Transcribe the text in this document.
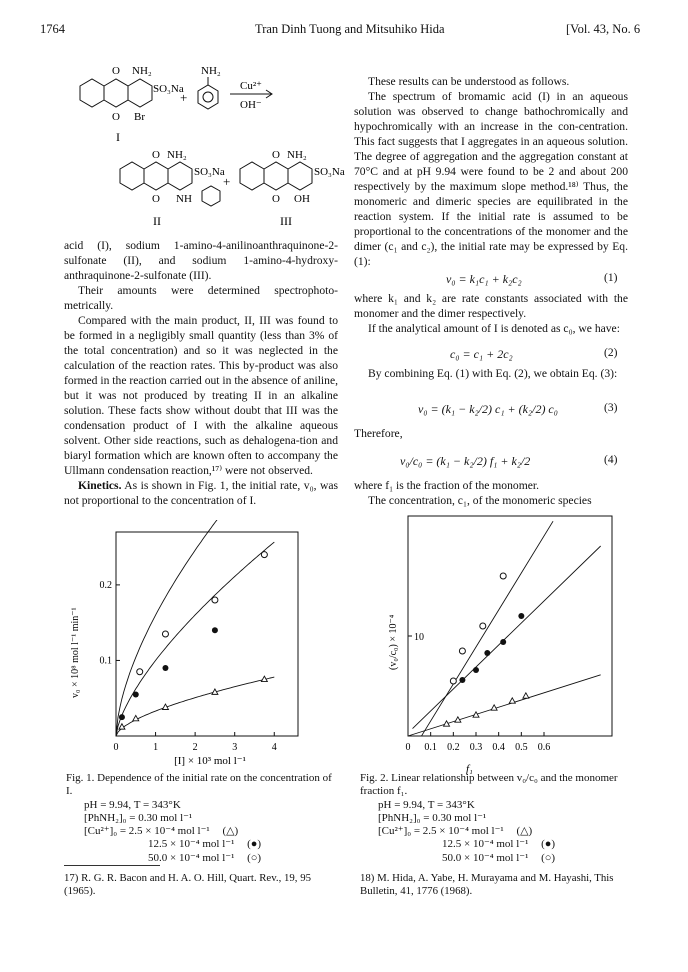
1764	Tran Dinh Tuong and Mitsuhiko Hida	[Vol. 43, No. 6
O
O
NH₂
SO₃Na
Br
+
NH₂
Cu²⁺
OH⁻
I
O NH₂
SO₃Na
O NH
+
O NH₂
SO₃Na
O OH
II	III

acid (I), sodium 1-amino-4-anilinoanthraquinone-2-sulfonate (II), and sodium 1-amino-4-hydroxy-anthraquinone-2-sulfonate (III).

Their amounts were determined spectrophoto-metrically.

Compared with the main product, II, III was found to be formed in a negligibly small quantity (less than 3% of the total concentration) and so it was neglected in the calculation of the reaction rates. This by-product was also formed in the reaction carried out in the absence of aniline, but it was not produced by treating II in an alkaline solution. These facts show without doubt that III was the condensation product of I with the alkaline aqueous solvent. Other side reactions, such as dehalogena-tion and biaryl formation which are known often to accompany the Ullmann condensation reaction,¹⁷⁾ were not observed.

Kinetics. As is shown in Fig. 1, the initial rate, v₀, was not proportional to the concentration of I.

These results can be understood as follows.

The spectrum of bromamic acid (I) in an aqueous solution was observed to change bathochromically and hypochromically with an increase in the con-centration. This fact suggests that I aggregates in an aqueous solution. The degree of aggregation and the aggregation constant at 70°C and at pH 9.94 were found to be 2 and about 200 respectively by the maximum slope method.¹⁸⁾ Thus, the monomeric and dimeric species are equilibrated in the reaction system. If the initial rate is assumed to be proportional to the concentrations of the monomer and the dimer (c₁ and c₂), the initial rate may be expressed by Eq. (1):

v₀ = k₁c₁ + k₂c₂	(1)

where k₁ and k₂ are rate constants associated with the monomer and the dimer respectively.

If the analytical amount of I is denoted as c₀, we have:

c₀ = c₁ + 2c₂	(2)

By combining Eq. (1) with Eq. (2), we obtain Eq. (3):

v₀ = (k₁ − k₂/2) c₁ + (k₂/2) c₀	(3)

Therefore,

v₀/c₀ = (k₁ − k₂/2) f₁ + k₂/2	(4)

where f₁ is the fraction of the monomer.

The concentration, c₁, of the monomeric species

v₀ × 10⁸ mol l⁻¹ min⁻¹
[I] × 10³ mol l⁻¹
0	1	2	3	4
0.1
0.2
Fig. 1. Dependence of the initial rate on the concentration of I.
pH = 9.94, T = 343°K
[PhNH₂]₀ = 0.30 mol l⁻¹
[Cu²⁺]₀ = 2.5 × 10⁻⁴ mol l⁻¹ (△)
12.5 × 10⁻⁴ mol l⁻¹ (●)
50.0 × 10⁻⁴ mol l⁻¹ (○)
(v₀/c₀) × 10⁻⁴
f₁
0 0.1 0.2 0.3 0.4 0.5 0.6
10
Fig. 2. Linear relationship between v₀/c₀ and the monomer fraction f₁.
pH = 9.94, T = 343°K
[PhNH₂]₀ = 0.30 mol l⁻¹
[Cu²⁺]₀ = 2.5 × 10⁻⁴ mol l⁻¹ (△)
12.5 × 10⁻⁴ mol l⁻¹ (●)
50.0 × 10⁻⁴ mol l⁻¹ (○)
17) R. G. R. Bacon and H. A. O. Hill, Quart. Rev., 19, 95 (1965).
18) M. Hida, A. Yabe, H. Murayama and M. Hayashi, This Bulletin, 41, 1776 (1968).
